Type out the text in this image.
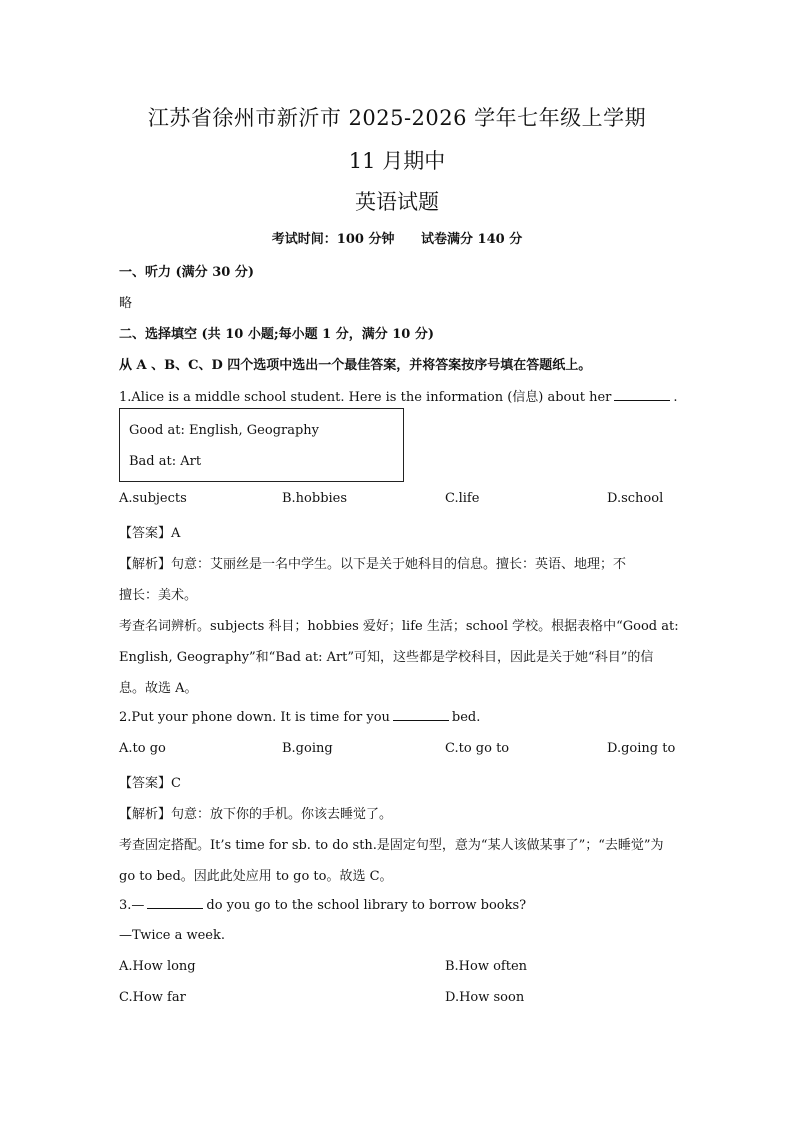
江苏省徐州市新沂市 2025-2026 学年七年级上学期
11 月期中
英语试题
考试时间：100 分钟 试卷满分 140 分
一、听力 (满分 30 分)
略
二、选择填空 (共 10 小题;每小题 1 分，满分 10 分)
从 A 、B、C、D 四个选项中选出一个最佳答案，并将答案按序号填在答题纸上。
1.Alice is a middle school student. Here is the information (信息) about her	.
Good at: English, Geography
Bad at: Art
A.subjects	B.hobbies	C.life	D.school
【答案】A
【解析】句意：艾丽丝是一名中学生。以下是关于她科目的信息。擅长：英语、地理；不
擅长：美术。
考查名词辨析。subjects 科目；hobbies 爱好；life 生活；school 学校。根据表格中“Good at:
English, Geography”和“Bad at: Art”可知，这些都是学校科目，因此是关于她“科目”的信
息。故选 A。
2.Put your phone down. It is time for you	bed.
A.to go	B.going	C.to go to	D.going to
【答案】C
【解析】句意：放下你的手机。你该去睡觉了。
考查固定搭配。It’s time for sb. to do sth.是固定句型，意为“某人该做某事了”；“去睡觉”为
go to bed。因此此处应用 to go to。故选 C。
3.—	do you go to the school library to borrow books?
—Twice a week.
A.How long	B.How often
C.How far	D.How soon
